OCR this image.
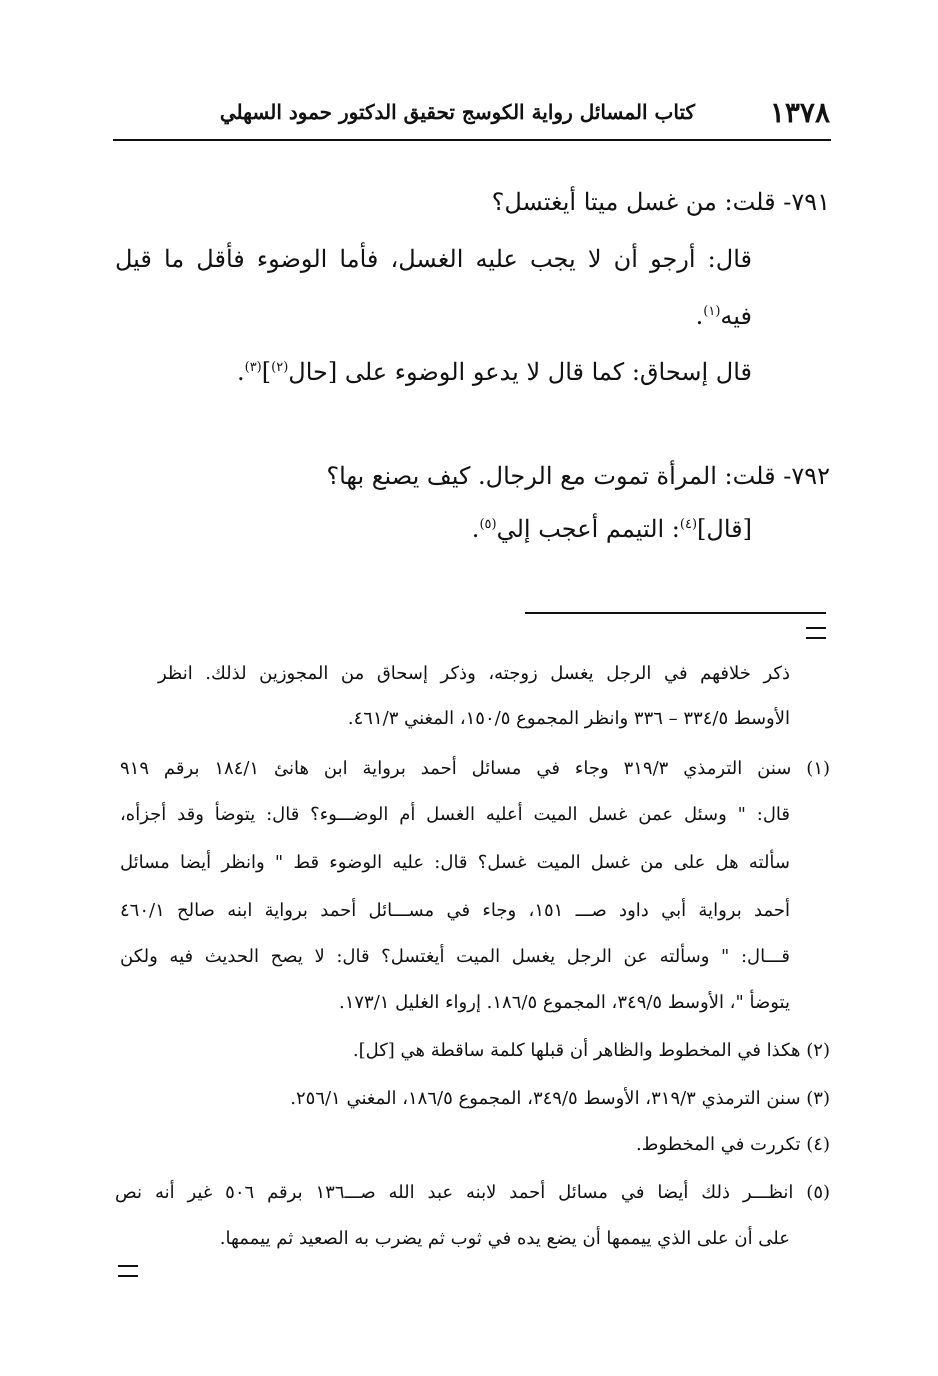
١٣٧٨
كتاب المسائل رواية الكوسج تحقيق الدكتور حمود السهلي
٧٩١- قلت: من غسل ميتا أيغتسل؟
قال: أرجو أن لا يجب عليه الغسل، فأما الوضوء فأقل ما قيل
فيه$^{(١)}$.
قال إسحاق: كما قال لا يدعو الوضوء على [حال$^{(٢)}$]$^{(٣)}$.
٧٩٢- قلت: المرأة تموت مع الرجال. كيف يصنع بها؟
[قال]$^{(٤)}$: التيمم أعجب إلي$^{(٥)}$.
ذكر خلافهم في الرجل يغسل زوجته، وذكر إسحاق من المجوزين لذلك. انظر
الأوسط ٣٣٤/٥ – ٣٣٦ وانظر المجموع ١٥٠/٥، المغني ٤٦١/٣.
(١) سنن الترمذي ٣١٩/٣ وجاء في مسائل أحمد برواية ابن هانئ ١٨٤/١ برقم ٩١٩
قال: " وسئل عمن غسل الميت أعليه الغسل أم الوضـــوء؟ قال: يتوضأ وقد أجزأه،
سألته هل على من غسل الميت غسل؟ قال: عليه الوضوء قط " وانظر أيضا مسائل
أحمد برواية أبي داود صـــ ١٥١، وجاء في مســـائل أحمد برواية ابنه صالح ٤٦٠/١
قـــال: " وسألته عن الرجل يغسل الميت أيغتسل؟ قال: لا يصح الحديث فيه ولكن
يتوضأ "، الأوسط ٣٤٩/٥، المجموع ١٨٦/٥. إرواء الغليل ١٧٣/١.
(٢) هكذا في المخطوط والظاهر أن قبلها كلمة ساقطة هي [كل].
(٣) سنن الترمذي ٣١٩/٣، الأوسط ٣٤٩/٥، المجموع ١٨٦/٥، المغني ٢٥٦/١.
(٤) تكررت في المخطوط.
(٥) انظـــر ذلك أيضا في مسائل أحمد لابنه عبد الله صـــ١٣٦ برقم ٥٠٦ غير أنه نص
على أن على الذي ييممها أن يضع يده في ثوب ثم يضرب به الصعيد ثم ييممها.
